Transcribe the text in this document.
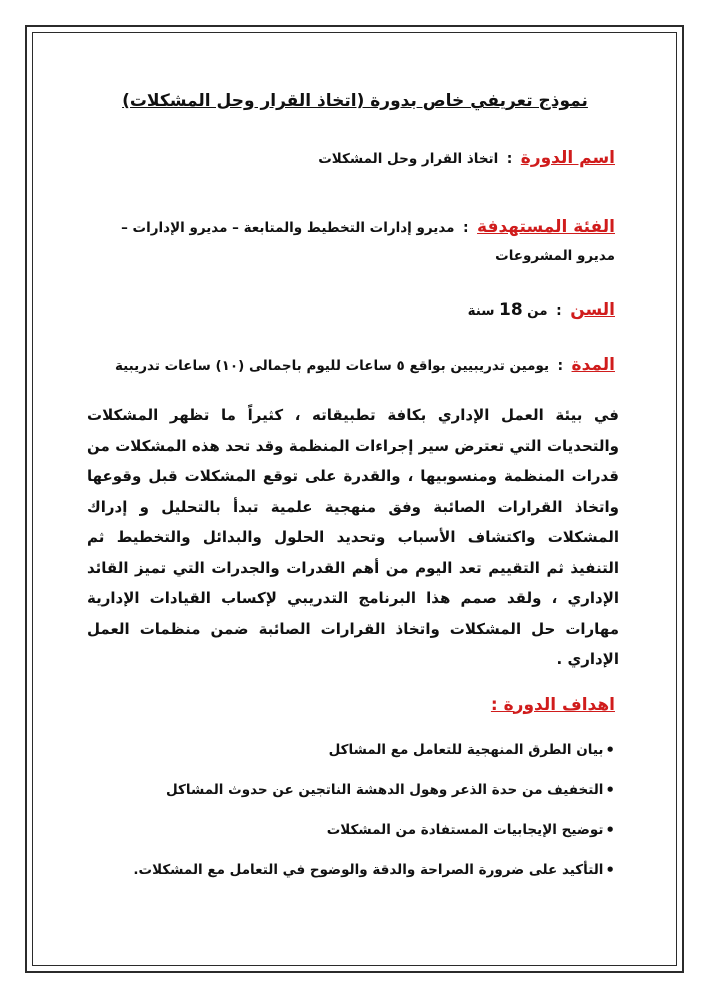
نموذج تعريفي خاص بدورة (اتخاذ القرار وحل المشكلات)
اسم الدورة : اتخاذ القرار وحل المشكلات
الفئة المستهدفة : مديرو إدارات التخطيط والمتابعة – مديرو الإدارات – مديرو المشروعات
السن : من 18 سنة
المدة : يومين تدريبيين بواقع ٥ ساعات لليوم باجمالى (١٠) ساعات تدريبية

في بيئة العمل الإداري بكافة تطبيقاته ، كثيراً ما تظهر المشكلات والتحديات التي تعترض سير إجراءات المنظمة وقد تحد هذه المشكلات من قدرات المنظمة ومنسوبيها ، والقدرة على توقع المشكلات قبل وقوعها واتخاذ القرارات الصائبة وفق منهجية علمية تبدأ بالتحليل و إدراك المشكلات واكتشاف الأسباب وتحديد الحلول والبدائل والتخطيط ثم التنفيذ ثم التقييم تعد اليوم من أهم القدرات والجدرات التي تميز القائد الإداري ، ولقد صمم هذا البرنامج التدريبي لإكساب القيادات الإدارية مهارات حل المشكلات واتخاذ القرارات الصائبة ضمن منظمات العمل الإداري .

اهداف الدورة :
•
بيان الطرق المنهجية للتعامل مع المشاكل
•
التخفيف من حدة الذعر وهول الدهشة الناتجين عن حدوث المشاكل
•
توضيح الإيجابيات المستفادة من المشكلات
•
التأكيد على ضرورة الصراحة والدقة والوضوح في التعامل مع المشكلات.
